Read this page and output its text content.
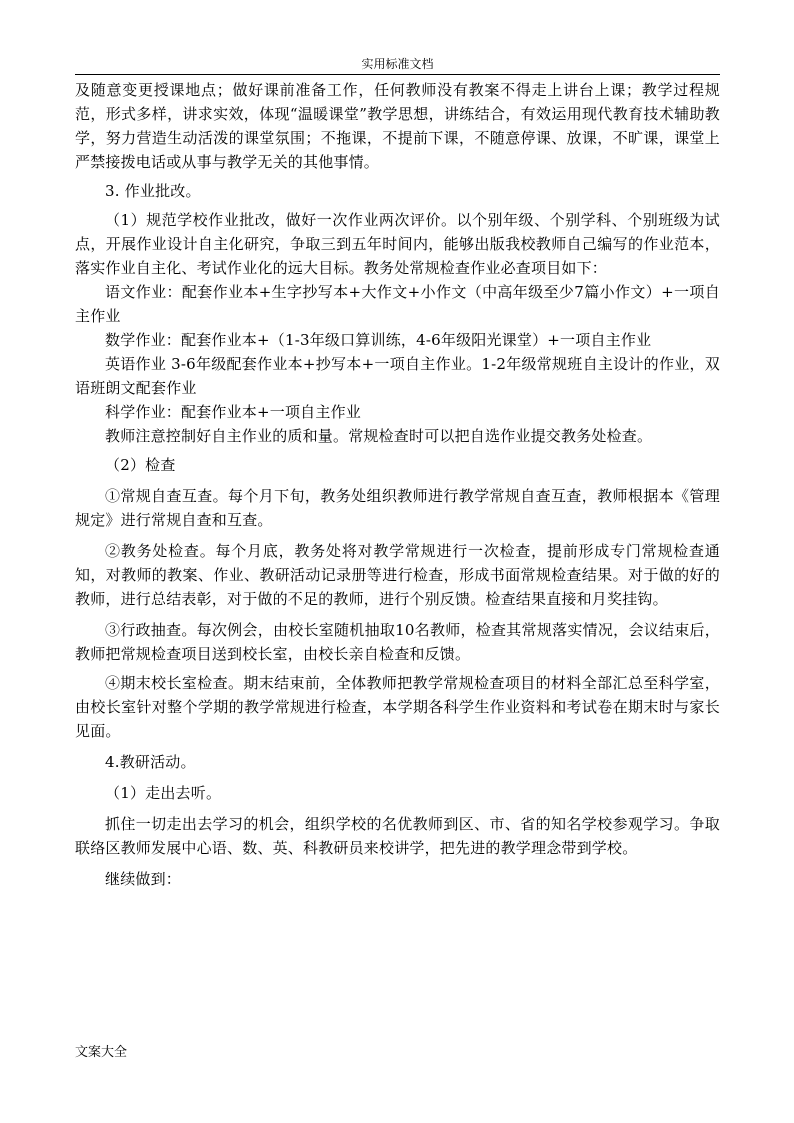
实用标准文档

及随意变更授课地点；做好课前准备工作，任何教师没有教案不得走上讲台上课；教学过程规范，形式多样，讲求实效，体现“温暖课堂”教学思想，讲练结合，有效运用现代教育技术辅助教学，努力营造生动活泼的课堂氛围；不拖课，不提前下课，不随意停课、放课，不旷课，课堂上严禁接拨电话或从事与教学无关的其他事情。

3. 作业批改。

（1）规范学校作业批改，做好一次作业两次评价。以个别年级、个别学科、个别班级为试点，开展作业设计自主化研究，争取三到五年时间内，能够出版我校教师自己编写的作业范本，落实作业自主化、考试作业化的远大目标。教务处常规检查作业必查项目如下：

语文作业：配套作业本+生字抄写本+大作文+小作文（中高年级至少7篇小作文）+一项自主作业

数学作业：配套作业本+（1-3年级口算训练，4-6年级阳光课堂）+一项自主作业

英语作业 3-6年级配套作业本+抄写本+一项自主作业。1-2年级常规班自主设计的作业，双语班朗文配套作业

科学作业：配套作业本+一项自主作业

教师注意控制好自主作业的质和量。常规检查时可以把自选作业提交教务处检查。

（2）检查

①常规自查互查。每个月下旬，教务处组织教师进行教学常规自查互查，教师根据本《管理规定》进行常规自查和互查。

②教务处检查。每个月底，教务处将对教学常规进行一次检查，提前形成专门常规检查通知，对教师的教案、作业、教研活动记录册等进行检查，形成书面常规检查结果。对于做的好的教师，进行总结表彰，对于做的不足的教师，进行个别反馈。检查结果直接和月奖挂钩。

③行政抽查。每次例会，由校长室随机抽取10名教师，检查其常规落实情况，会议结束后，教师把常规检查项目送到校长室，由校长亲自检查和反馈。

④期末校长室检查。期末结束前，全体教师把教学常规检查项目的材料全部汇总至科学室，由校长室针对整个学期的教学常规进行检查，本学期各科学生作业资料和考试卷在期末时与家长见面。

4.教研活动。

（1）走出去听。

抓住一切走出去学习的机会，组织学校的名优教师到区、市、省的知名学校参观学习。争取联络区教师发展中心语、数、英、科教研员来校讲学，把先进的教学理念带到学校。

继续做到：

文案大全
